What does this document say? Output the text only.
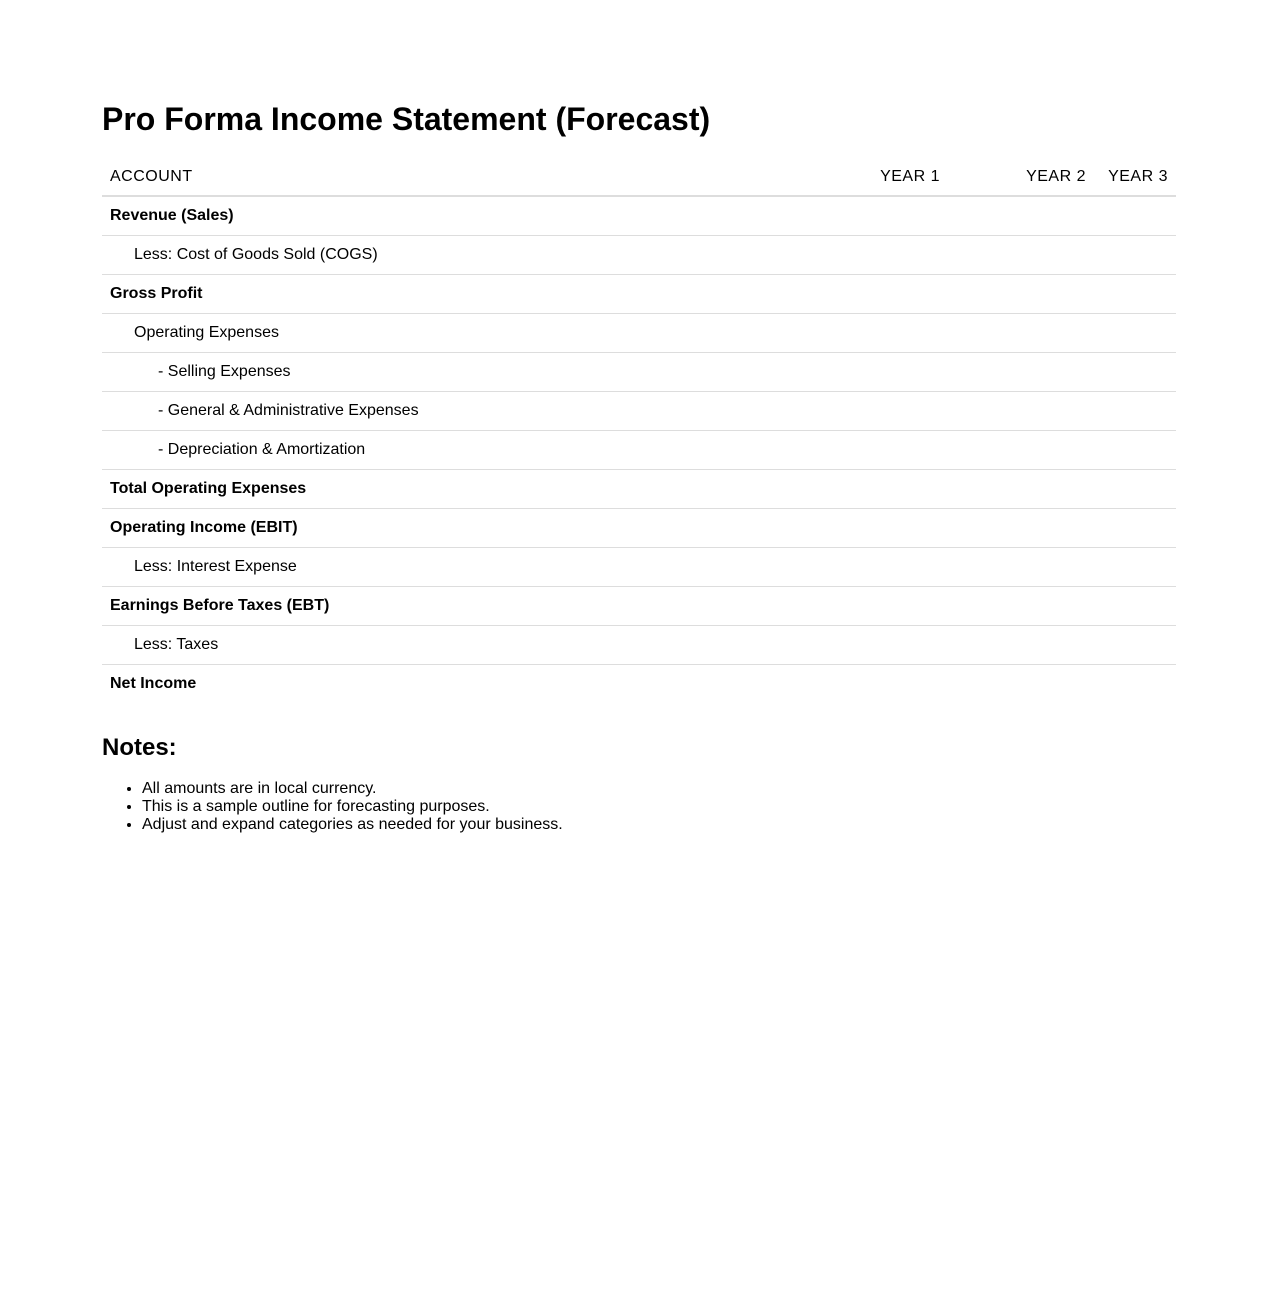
Pro Forma Income Statement (Forecast)
ACCOUNT	YEAR 1	YEAR 2	YEAR 3
Revenue (Sales)			
Less: Cost of Goods Sold (COGS)			
Gross Profit			
Operating Expenses			
- Selling Expenses			
- General & Administrative Expenses			
- Depreciation & Amortization			
Total Operating Expenses			
Operating Income (EBIT)			
Less: Interest Expense			
Earnings Before Taxes (EBT)			
Less: Taxes			
Net Income			
Notes:
• All amounts are in local currency.
• This is a sample outline for forecasting purposes.
• Adjust and expand categories as needed for your business.
